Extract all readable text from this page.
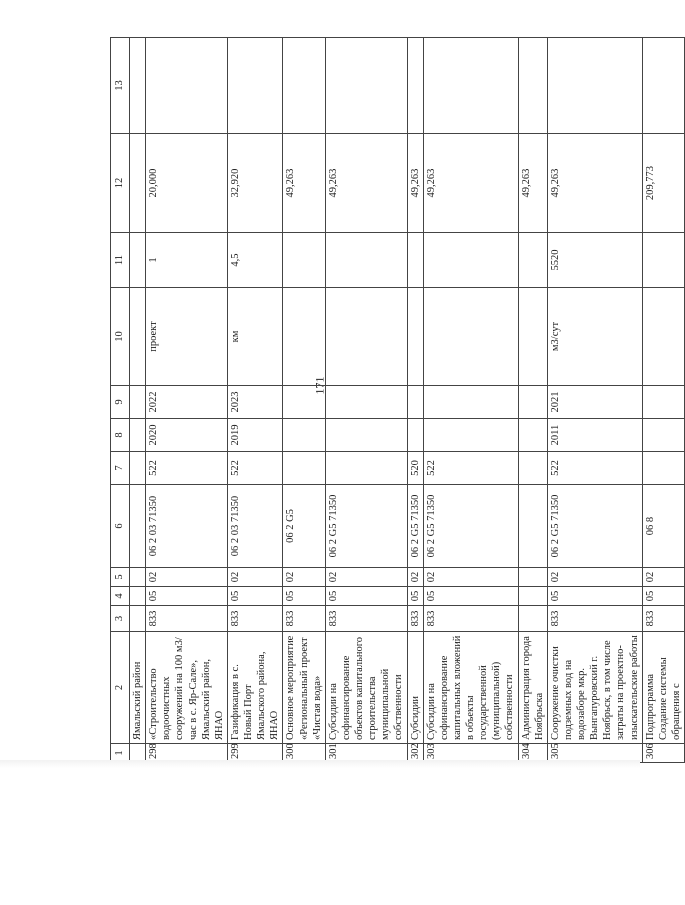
171
1	2	3	4	5	6	7	8	9	10	11	12	13
	Ямальский район											
298	«Строительство водоочистных сооружений на 100 м3/час в с. Яр-Сале», Ямальский район, ЯНАО	833	05	02	06 2 03 71350	522	2020	2022	проект	1	20,000	
299	Газификация в с. Новый Порт Ямальского района, ЯНАО	833	05	02	06 2 03 71350	522	2019	2023	км	4,5	32,920	
300	Основное мероприятие «Региональный проект «Чистая вода»	833	05	02	06 2 G5						49,263	
301	Субсидии на софинансирование объектов капитального строительства муниципальной собственности	833	05	02	06 2 G5 71350						49,263	
302	Субсидии	833	05	02	06 2 G5 71350	520					49,263	
303	Субсидии на софинансирование капитальных вложений в объекты государственной (муниципальной) собственности	833	05	02	06 2 G5 71350	522					49,263	
304	Администрация города Ноябрьска										49,263	
305	Сооружение очистки подземных вод на водозаборе мкр. Вынгапуровский г. Ноябрьск, в том числе затраты на проектно-изыскательские работы	833	05	02	06 2 G5 71350	522	2011	2021	м3/сут	5520	49,263	
306	Подпрограмма Создание системы обращения с	833	05	02	06 8						209,773	
